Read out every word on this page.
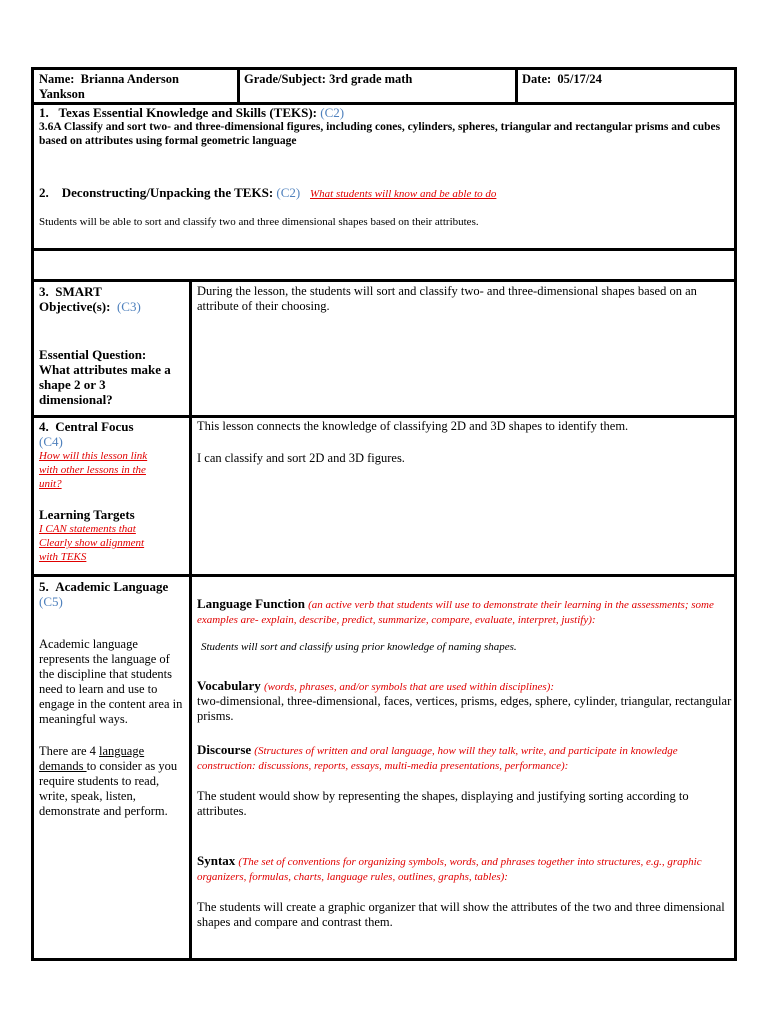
Name: Brianna Anderson
Yankson
Grade/Subject: 3rd grade math	Date: 05/17/24

1. Texas Essential Knowledge and Skills (TEKS): (C2)

3.6A Classify and sort two- and three-dimensional figures, including cones, cylinders, spheres, triangular and rectangular prisms and cubes based on attributes using formal geometric language

2. Deconstructing/Unpacking the TEKS: (C2) What students will know and be able to do

Students will be able to sort and classify two and three dimensional shapes based on their attributes.

3. SMART

Objective(s): (C3)

Essential Question:

What attributes make a

shape 2 or 3

dimensional?

During the lesson, the students will sort and classify two- and three-dimensional shapes based on an attribute of their choosing.

4. Central Focus

(C4)

How will this lesson link

with other lessons in the

unit?

Learning Targets

I CAN statements that

Clearly show alignment

with TEKS

This lesson connects the knowledge of classifying 2D and 3D shapes to identify them.

I can classify and sort 2D and 3D figures.

5. Academic Language

(C5)

Academic language represents the language of the discipline that students need to learn and use to engage in the content area in meaningful ways.

There are 4 language
demands to consider as you require students to read, write, speak, listen, demonstrate and perform.

Language Function (an active verb that students will use to demonstrate their learning in the assessments; some examples are- explain, describe, predict, summarize, compare, evaluate, interpret, justify):

Students will sort and classify using prior knowledge of naming shapes.

Vocabulary (words, phrases, and/or symbols that are used within disciplines):

two-dimensional, three-dimensional, faces, vertices, prisms, edges, sphere, cylinder, triangular, rectangular prisms.

Discourse (Structures of written and oral language, how will they talk, write, and participate in knowledge construction: discussions, reports, essays, multi-media presentations, performance):

The student would show by representing the shapes, displaying and justifying sorting according to attributes.

Syntax (The set of conventions for organizing symbols, words, and phrases together into structures, e.g., graphic organizers, formulas, charts, language rules, outlines, graphs, tables):

The students will create a graphic organizer that will show the attributes of the two and three dimensional shapes and compare and contrast them.
